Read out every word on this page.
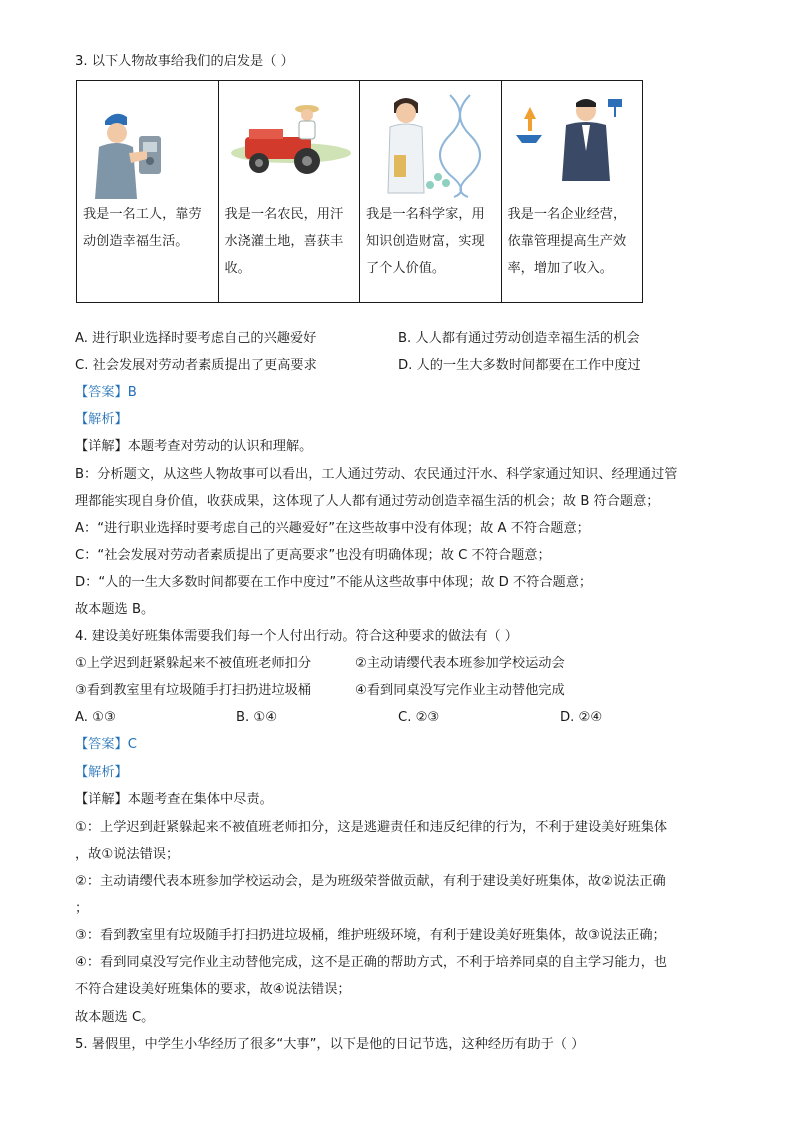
3. 以下人物故事给我们的启发是（ ）
我是一名工人，靠劳动创造幸福生活。

我是一名农民，用汗水浇灌土地，喜获丰收。

我是一名科学家，用知识创造财富，实现了个人价值。

我是一名企业经营，依靠管理提高生产效率，增加了收入。
A. 进行职业选择时要考虑自己的兴趣爱好	B. 人人都有通过劳动创造幸福生活的机会
C. 社会发展对劳动者素质提出了更高要求	D. 人的一生大多数时间都要在工作中度过
【答案】B
【解析】
【详解】本题考查对劳动的认识和理解。
B：分析题文，从这些人物故事可以看出，工人通过劳动、农民通过汗水、科学家通过知识、经理通过管
理都能实现自身价值，收获成果，这体现了人人都有通过劳动创造幸福生活的机会；故 B 符合题意；
A：“进行职业选择时要考虑自己的兴趣爱好”在这些故事中没有体现；故 A 不符合题意；
C：“社会发展对劳动者素质提出了更高要求”也没有明确体现；故 C 不符合题意；
D：“人的一生大多数时间都要在工作中度过”不能从这些故事中体现；故 D 不符合题意；
故本题选 B。
4. 建设美好班集体需要我们每一个人付出行动。符合这种要求的做法有（ ）
①上学迟到赶紧躲起来不被值班老师扣分	②主动请缨代表本班参加学校运动会
③看到教室里有垃圾随手打扫扔进垃圾桶	④看到同桌没写完作业主动替他完成
A. ①③	B. ①④	C. ②③	D. ②④
【答案】C
【解析】
【详解】本题考查在集体中尽责。
①：上学迟到赶紧躲起来不被值班老师扣分，这是逃避责任和违反纪律的行为，不利于建设美好班集体
，故①说法错误；
②：主动请缨代表本班参加学校运动会，是为班级荣誉做贡献，有利于建设美好班集体，故②说法正确
；
③：看到教室里有垃圾随手打扫扔进垃圾桶，维护班级环境，有利于建设美好班集体，故③说法正确；
④：看到同桌没写完作业主动替他完成，这不是正确的帮助方式，不利于培养同桌的自主学习能力，也
不符合建设美好班集体的要求，故④说法错误；
故本题选 C。
5. 暑假里，中学生小华经历了很多“大事”，以下是他的日记节选，这种经历有助于（ ）
